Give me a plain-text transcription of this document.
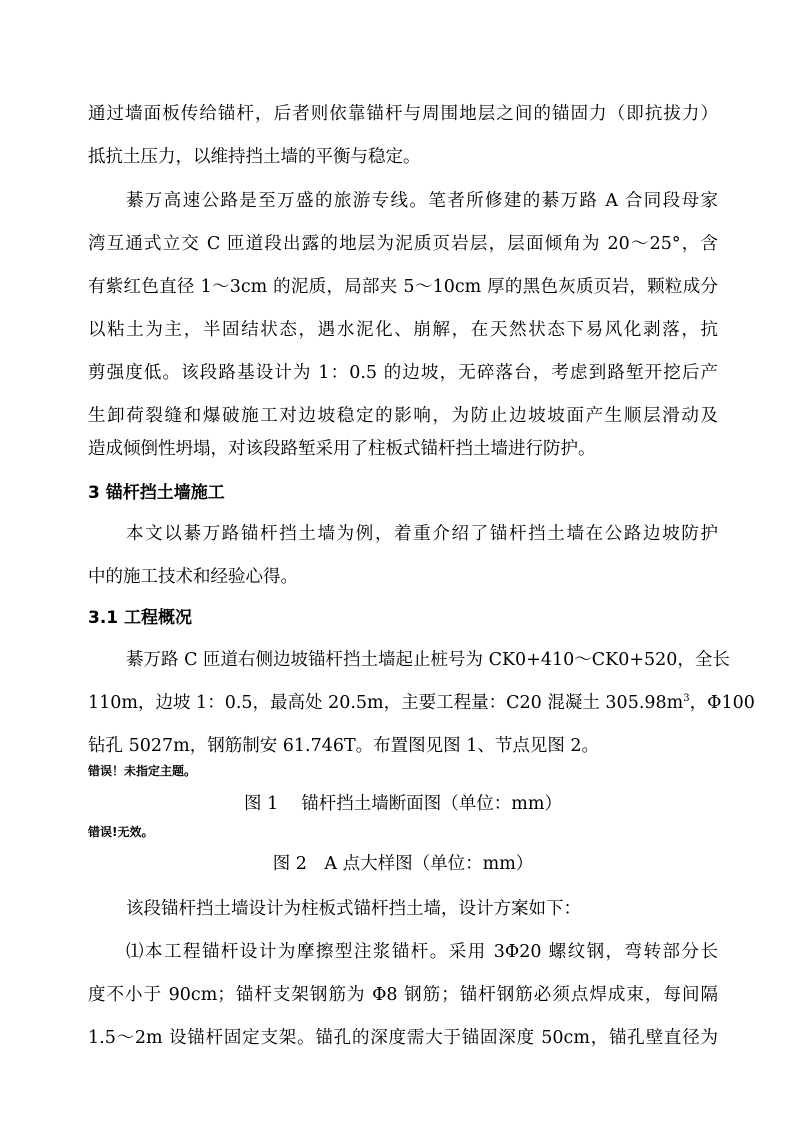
通过墙面板传给锚杆，后者则依靠锚杆与周围地层之间的锚固力（即抗拔力）
抵抗土压力，以维持挡土墙的平衡与稳定。
綦万高速公路是至万盛的旅游专线。笔者所修建的綦万路 A 合同段母家
湾互通式立交 C 匝道段出露的地层为泥质页岩层，层面倾角为 20～25°，含
有紫红色直径 1～3cm 的泥质，局部夹 5～10cm 厚的黑色灰质页岩，颗粒成分
以粘土为主，半固结状态，遇水泥化、崩解，在天然状态下易风化剥落，抗
剪强度低。该段路基设计为 1：0.5 的边坡，无碎落台，考虑到路堑开挖后产
生卸荷裂缝和爆破施工对边坡稳定的影响，为防止边坡坡面产生顺层滑动及
造成倾倒性坍塌，对该段路堑采用了柱板式锚杆挡土墙进行防护。
3 锚杆挡土墙施工
本文以綦万路锚杆挡土墙为例，着重介绍了锚杆挡土墙在公路边坡防护
中的施工技术和经验心得。
3.1 工程概况
綦万路 C 匝道右侧边坡锚杆挡土墙起止桩号为 CK0+410～CK0+520，全长
110m，边坡 1：0.5，最高处 20.5m，主要工程量：C20 混凝土 $305.98m^3$，Φ100
钻孔 5027m，钢筋制安 61.746T。布置图见图 1、节点见图 2。
错误！未指定主题。
图 1　 锚杆挡土墙断面图（单位：mm）
错误!无效。
图 2　A 点大样图（单位：mm）
该段锚杆挡土墙设计为柱板式锚杆挡土墙，设计方案如下：
⑴本工程锚杆设计为摩擦型注浆锚杆。采用 3Φ20 螺纹钢，弯转部分长
度不小于 90cm；锚杆支架钢筋为 Φ8 钢筋；锚杆钢筋必须点焊成束，每间隔
1.5～2m 设锚杆固定支架。锚孔的深度需大于锚固深度 50cm，锚孔壁直径为
